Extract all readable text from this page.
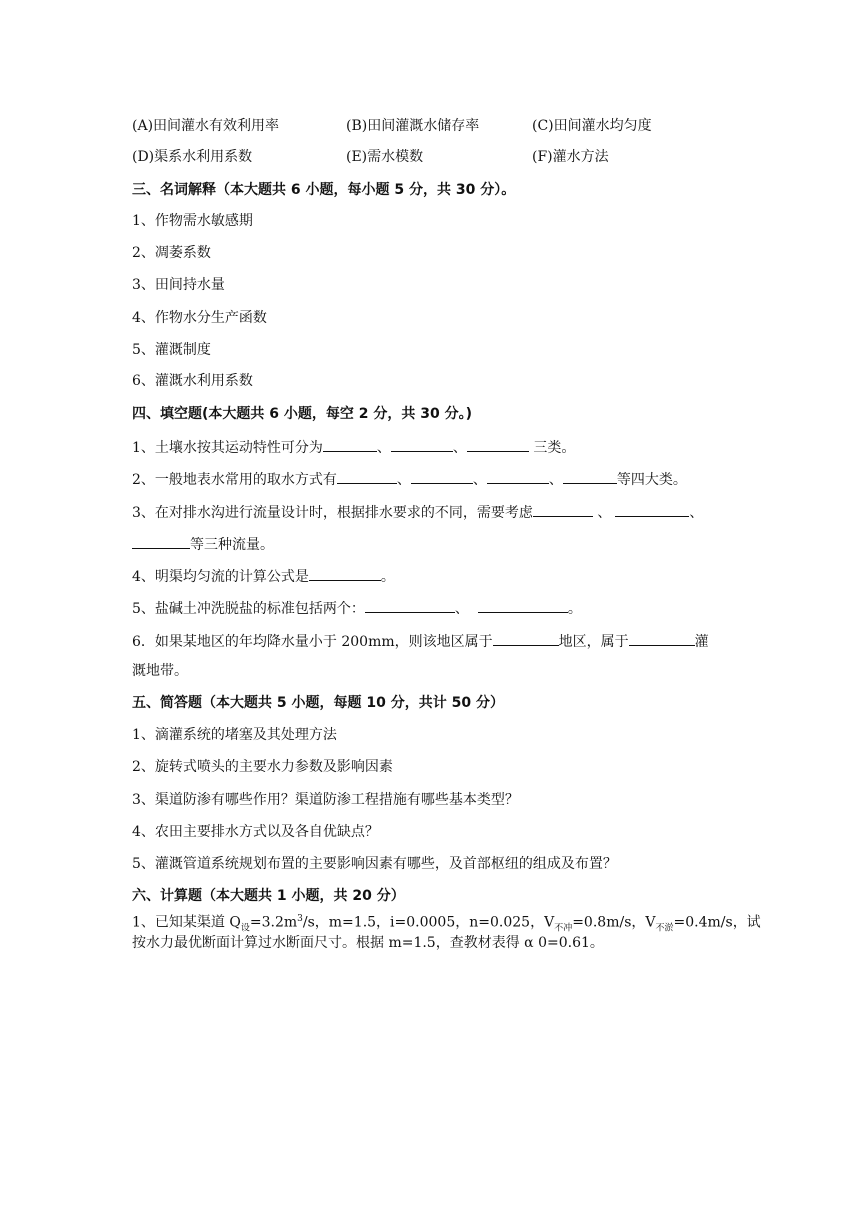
(A)田间灌水有效利用率	(B)田间灌溉水储存率	(C)田间灌水均匀度
(D)渠系水利用系数	(E)需水模数	(F)灌水方法
三、名词解释（本大题共 6 小题，每小题 5 分，共 30 分）。
1、作物需水敏感期
2、凋萎系数
3、田间持水量
4、作物水分生产函数
5、灌溉制度
6、灌溉水利用系数
四、填空题(本大题共 6 小题，每空 2 分，共 30 分。)
1、土壤水按其运动特性可分为	、	、	三类。
2、一般地表水常用的取水方式有	、	、	、	等四大类。
3、在对排水沟进行流量设计时，根据排水要求的不同，需要考虑	、	、
等三种流量。
4、明渠均匀流的计算公式是	。
5、盐碱土冲洗脱盐的标准包括两个：	、	。
6．如果某地区的年均降水量小于 200mm，则该地区属于	地区，属于	灌
溉地带。
五、简答题（本大题共 5 小题，每题 10 分，共计 50 分）
1、滴灌系统的堵塞及其处理方法
2、旋转式喷头的主要水力参数及影响因素
3、渠道防渗有哪些作用？渠道防渗工程措施有哪些基本类型？
4、农田主要排水方式以及各自优缺点？
5、灌溉管道系统规划布置的主要影响因素有哪些，及首部枢纽的组成及布置？
六、计算题（本大题共 1 小题，共 20 分）
1、已知某渠道 $Q_设=3.2m^3/s$，m=1.5，i=0.0005，n=0.025，$V_{不冲}=0.8m/s$，$V_{不淤}=0.4m/s$，试
按水力最优断面计算过水断面尺寸。根据 m=1.5，查教材表得 α 0=0.61。
